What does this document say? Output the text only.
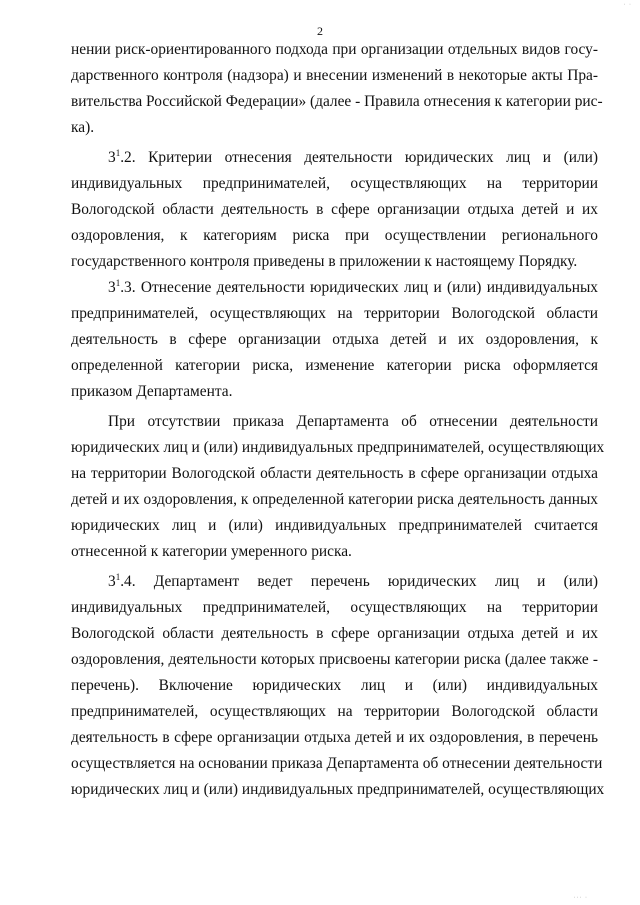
· ·
2
нении риск-ориентированного подхода при организации отдельных видов госу-
дарственного контроля (надзора) и внесении изменений в некоторые акты Пра-
вительства Российской Федерации» (далее - Правила отнесения к категории рис-
ка).
$3^1.2$. Критерии отнесения деятельности юридических лиц и (или)
индивидуальных предпринимателей, осуществляющих на территории
Вологодской области деятельность в сфере организации отдыха детей и их
оздоровления, к категориям риска при осуществлении регионального
государственного контроля приведены в приложении к настоящему Порядку.
$3^1.3$. Отнесение деятельности юридических лиц и (или) индивидуальных
предпринимателей, осуществляющих на территории Вологодской области
деятельность в сфере организации отдыха детей и их оздоровления, к
определенной категории риска, изменение категории риска оформляется
приказом Департамента.
При отсутствии приказа Департамента об отнесении деятельности
юридических лиц и (или) индивидуальных предпринимателей, осуществляющих
на территории Вологодской области деятельность в сфере организации отдыха
детей и их оздоровления, к определенной категории риска деятельность данных
юридических лиц и (или) индивидуальных предпринимателей считается
отнесенной к категории умеренного риска.
$3^1.4$. Департамент ведет перечень юридических лиц и (или)
индивидуальных предпринимателей, осуществляющих на территории
Вологодской области деятельность в сфере организации отдыха детей и их
оздоровления, деятельности которых присвоены категории риска (далее также -
перечень). Включение юридических лиц и (или) индивидуальных
предпринимателей, осуществляющих на территории Вологодской области
деятельность в сфере организации отдыха детей и их оздоровления, в перечень
осуществляется на основании приказа Департамента об отнесении деятельности
юридических лиц и (или) индивидуальных предпринимателей, осуществляющих
··· ·
